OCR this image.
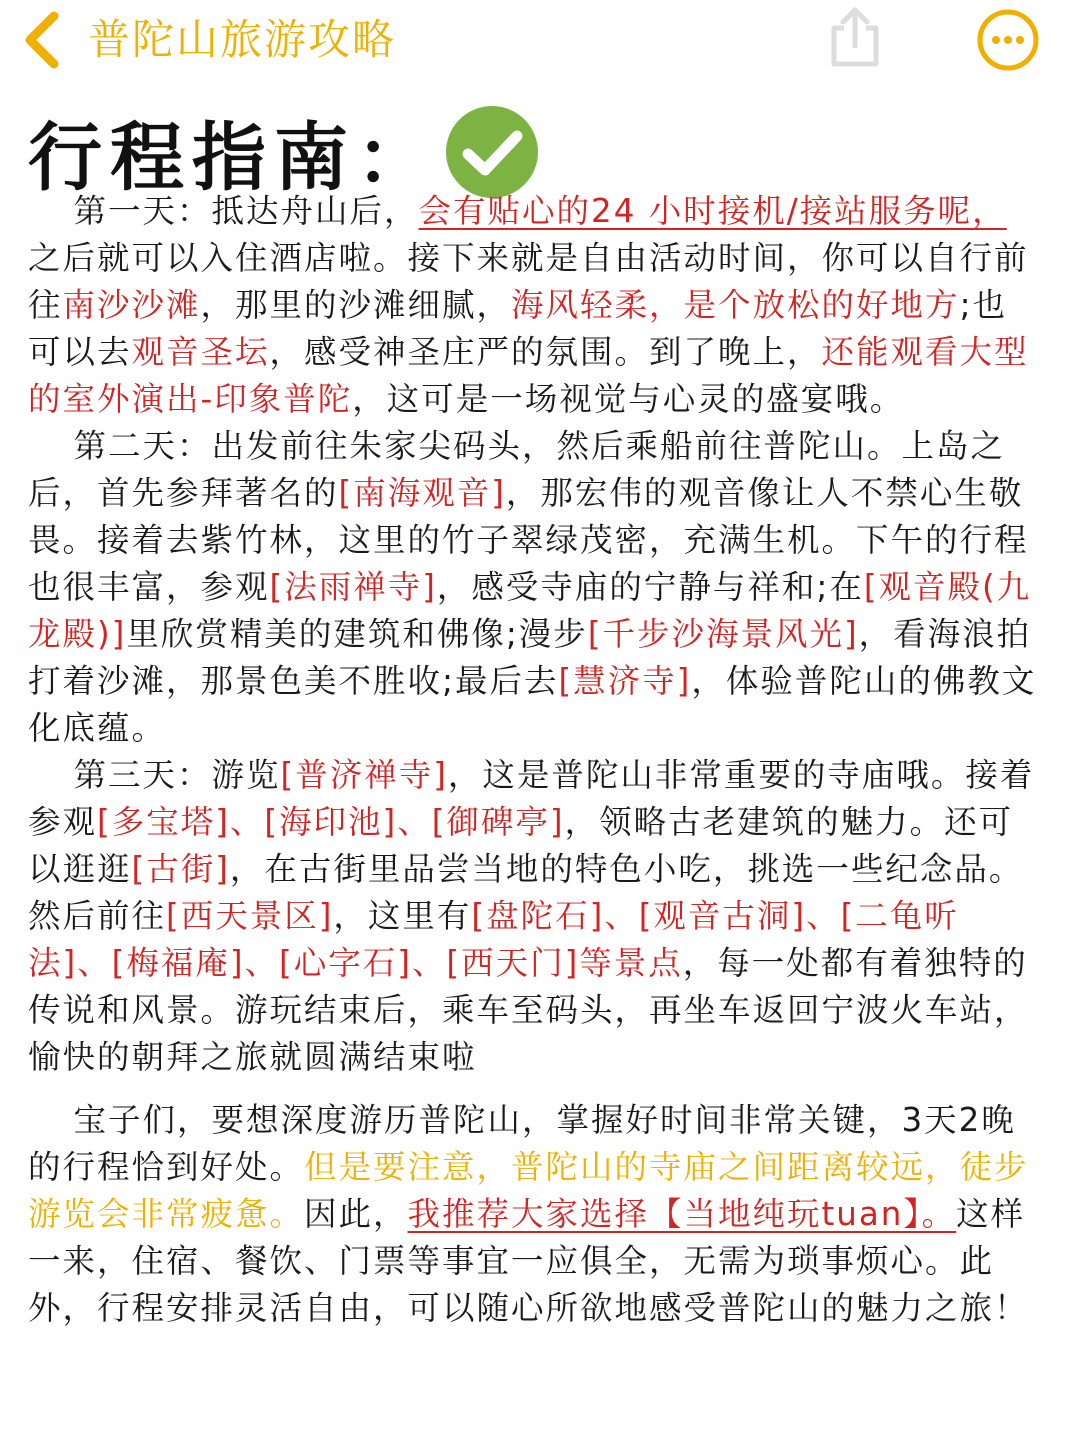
普陀山旅游攻略
行程指南：

第一天：抵达舟山后，会有贴心的24 小时接机/接站服务呢，之后就可以入住酒店啦。接下来就是自由活动时间，你可以自行前往南沙沙滩，那里的沙滩细腻，海风轻柔，是个放松的好地方;也可以去观音圣坛，感受神圣庄严的氛围。到了晚上，还能观看大型的室外演出-印象普陀，这可是一场视觉与心灵的盛宴哦。

第二天：出发前往朱家尖码头，然后乘船前往普陀山。上岛之后，首先参拜著名的[南海观音]，那宏伟的观音像让人不禁心生敬畏。接着去紫竹林，这里的竹子翠绿茂密，充满生机。下午的行程也很丰富，参观[法雨禅寺]，感受寺庙的宁静与祥和;在[观音殿(九龙殿)]里欣赏精美的建筑和佛像;漫步[千步沙海景风光]，看海浪拍打着沙滩，那景色美不胜收;最后去[慧济寺]，体验普陀山的佛教文化底蕴。

第三天：游览[普济禅寺]，这是普陀山非常重要的寺庙哦。接着参观[多宝塔]、[海印池]、[御碑亭]，领略古老建筑的魅力。还可以逛逛[古街]，在古街里品尝当地的特色小吃，挑选一些纪念品。然后前往[西天景区]，这里有[盘陀石]、[观音古洞]、[二龟听法]、[梅福庵]、[心字石]、[西天门]等景点，每一处都有着独特的传说和风景。游玩结束后，乘车至码头，再坐车返回宁波火车站，愉快的朝拜之旅就圆满结束啦

宝子们，要想深度游历普陀山，掌握好时间非常关键，3天2晚的行程恰到好处。但是要注意，普陀山的寺庙之间距离较远，徒步游览会非常疲惫。因此，我推荐大家选择【当地纯玩tuan】。这样一来，住宿、餐饮、门票等事宜一应俱全，无需为琐事烦心。此外，行程安排灵活自由，可以随心所欲地感受普陀山的魅力之旅！
